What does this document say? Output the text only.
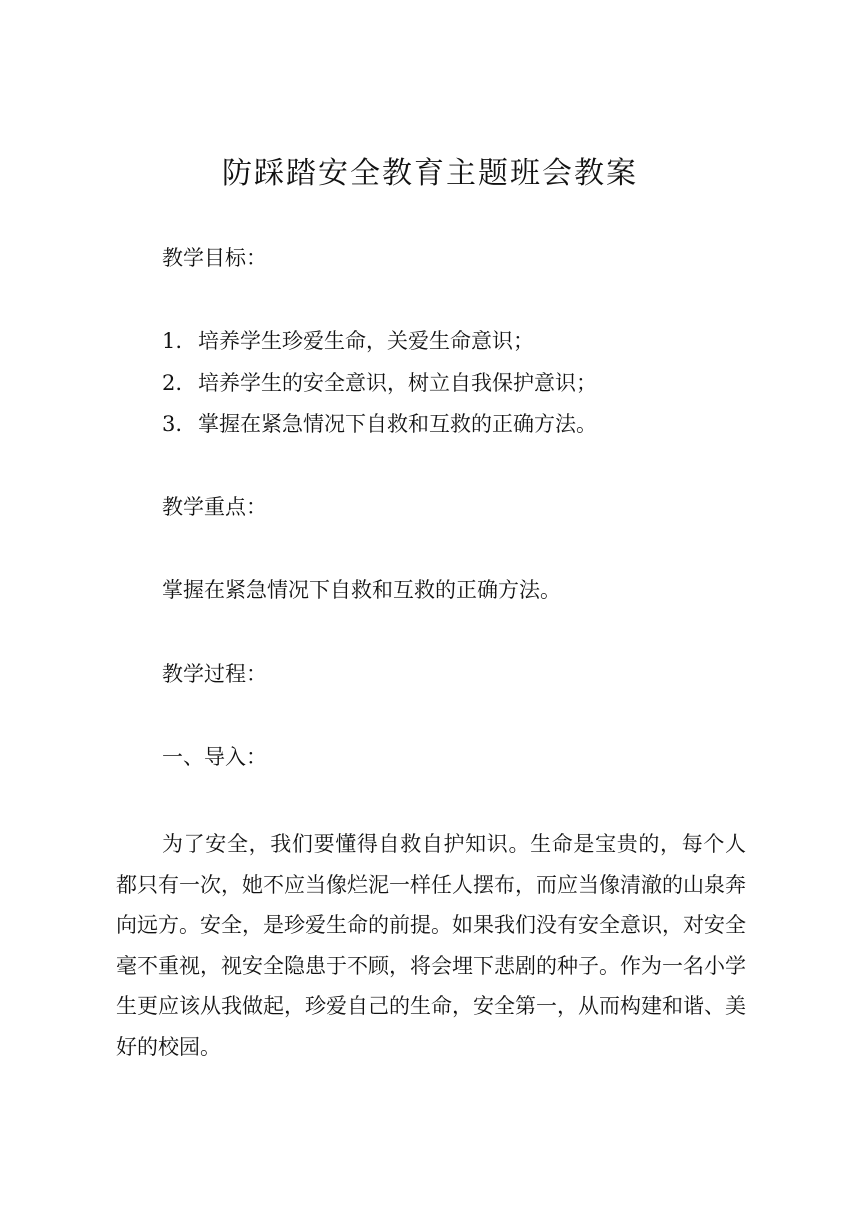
防踩踏安全教育主题班会教案

教学目标：

1. 培养学生珍爱生命，关爱生命意识；

2. 培养学生的安全意识，树立自我保护意识；

3. 掌握在紧急情况下自救和互救的正确方法。

教学重点：

掌握在紧急情况下自救和互救的正确方法。

教学过程：

一、导入：

为了安全，我们要懂得自救自护知识。生命是宝贵的，每个人都只有一次，她不应当像烂泥一样任人摆布，而应当像清澈的山泉奔向远方。安全，是珍爱生命的前提。如果我们没有安全意识，对安全毫不重视，视安全隐患于不顾，将会埋下悲剧的种子。作为一名小学生更应该从我做起，珍爱自己的生命，安全第一，从而构建和谐、美好的校园。
